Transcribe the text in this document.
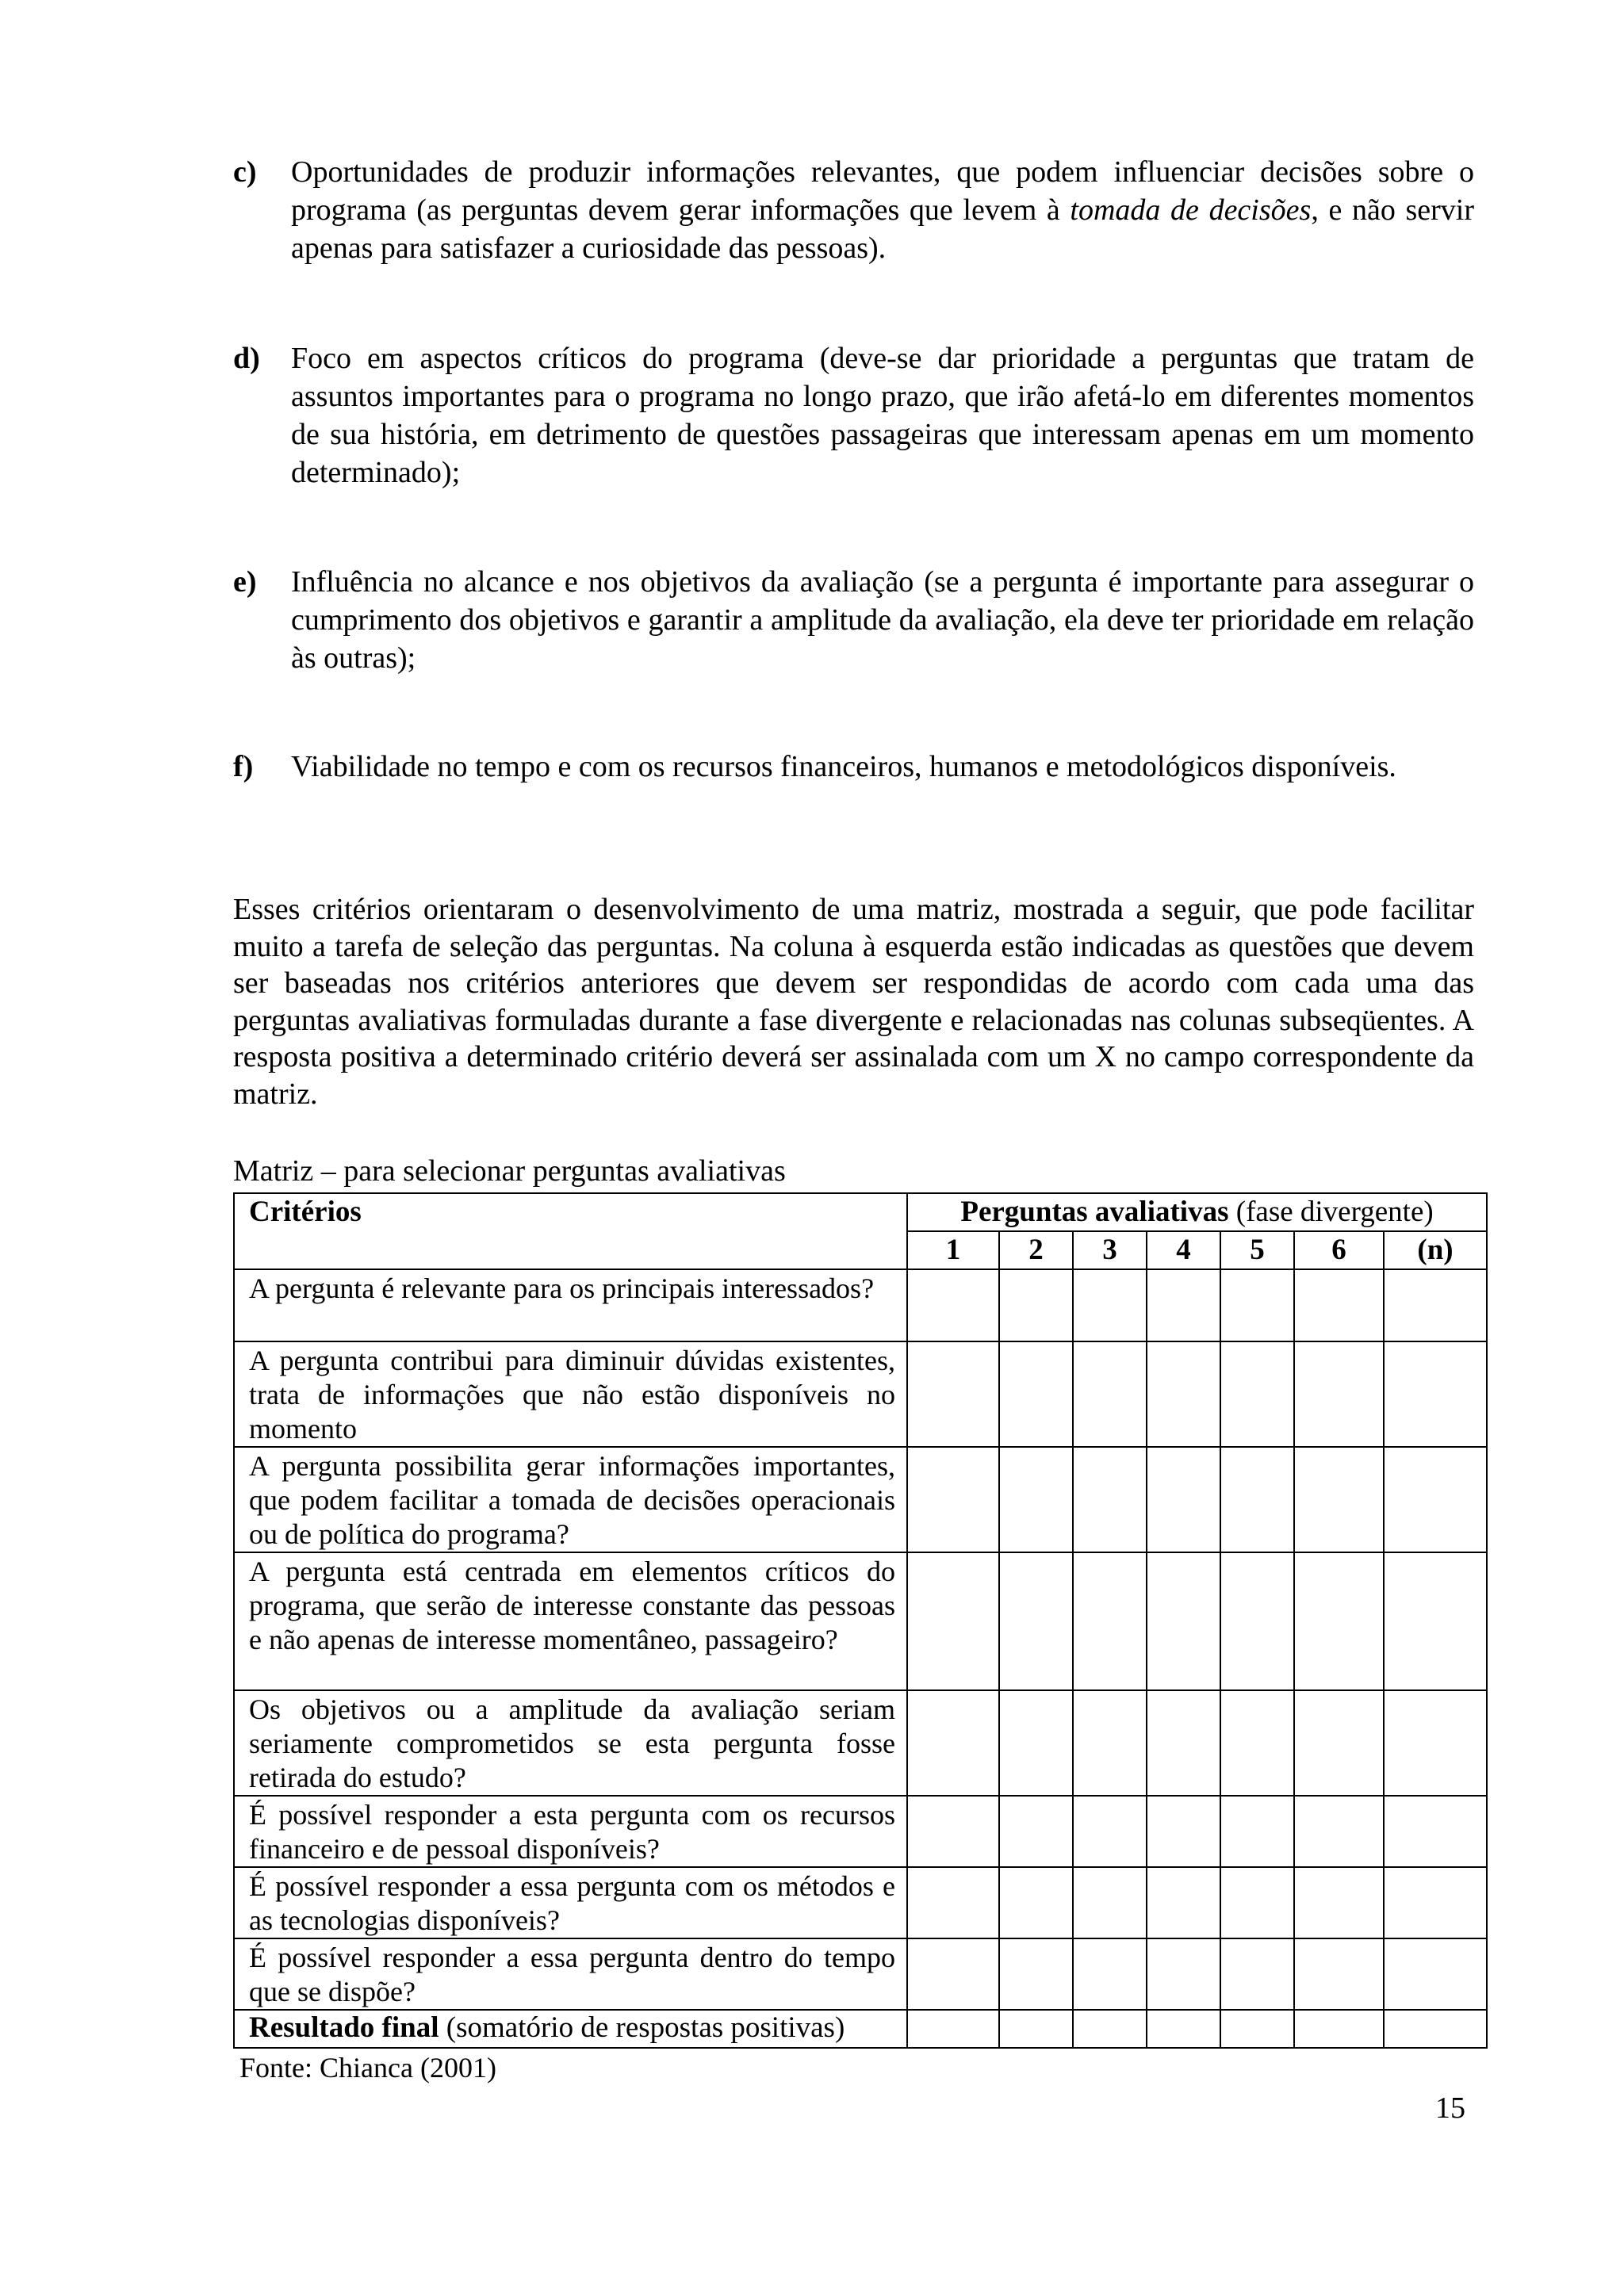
c) Oportunidades de produzir informações relevantes, que podem influenciar decisões sobre o programa (as perguntas devem gerar informações que levem à tomada de decisões, e não servir apenas para satisfazer a curiosidade das pessoas).
d) Foco em aspectos críticos do programa (deve-se dar prioridade a perguntas que tratam de assuntos importantes para o programa no longo prazo, que irão afetá-lo em diferentes momentos de sua história, em detrimento de questões passageiras que interessam apenas em um momento determinado);
e) Influência no alcance e nos objetivos da avaliação (se a pergunta é importante para assegurar o cumprimento dos objetivos e garantir a amplitude da avaliação, ela deve ter prioridade em relação às outras);
f) Viabilidade no tempo e com os recursos financeiros, humanos e metodológicos disponíveis.
Esses critérios orientaram o desenvolvimento de uma matriz, mostrada a seguir, que pode facilitar muito a tarefa de seleção das perguntas. Na coluna à esquerda estão indicadas as questões que devem ser baseadas nos critérios anteriores que devem ser respondidas de acordo com cada uma das perguntas avaliativas formuladas durante a fase divergente e relacionadas nas colunas subseqüentes. A resposta positiva a determinado critério deverá ser assinalada com um X no campo correspondente da matriz.
Matriz – para selecionar perguntas avaliativas
Critérios	Perguntas avaliativas (fase divergente)						
	1	2	3	4	5	6	(n)
A pergunta é relevante para os principais interessados?							
A pergunta contribui para diminuir dúvidas existentes, trata de informações que não estão disponíveis no momento							
A pergunta possibilita gerar informações importantes, que podem facilitar a tomada de decisões operacionais ou de política do programa?							
A pergunta está centrada em elementos críticos do programa, que serão de interesse constante das pessoas e não apenas de interesse momentâneo, passageiro?							
Os objetivos ou a amplitude da avaliação seriam seriamente comprometidos se esta pergunta fosse retirada do estudo?							
É possível responder a esta pergunta com os recursos financeiro e de pessoal disponíveis?							
É possível responder a essa pergunta com os métodos e as tecnologias disponíveis?							
É possível responder a essa pergunta dentro do tempo que se dispõe?							
Resultado final (somatório de respostas positivas)							
Fonte: Chianca (2001)
15
